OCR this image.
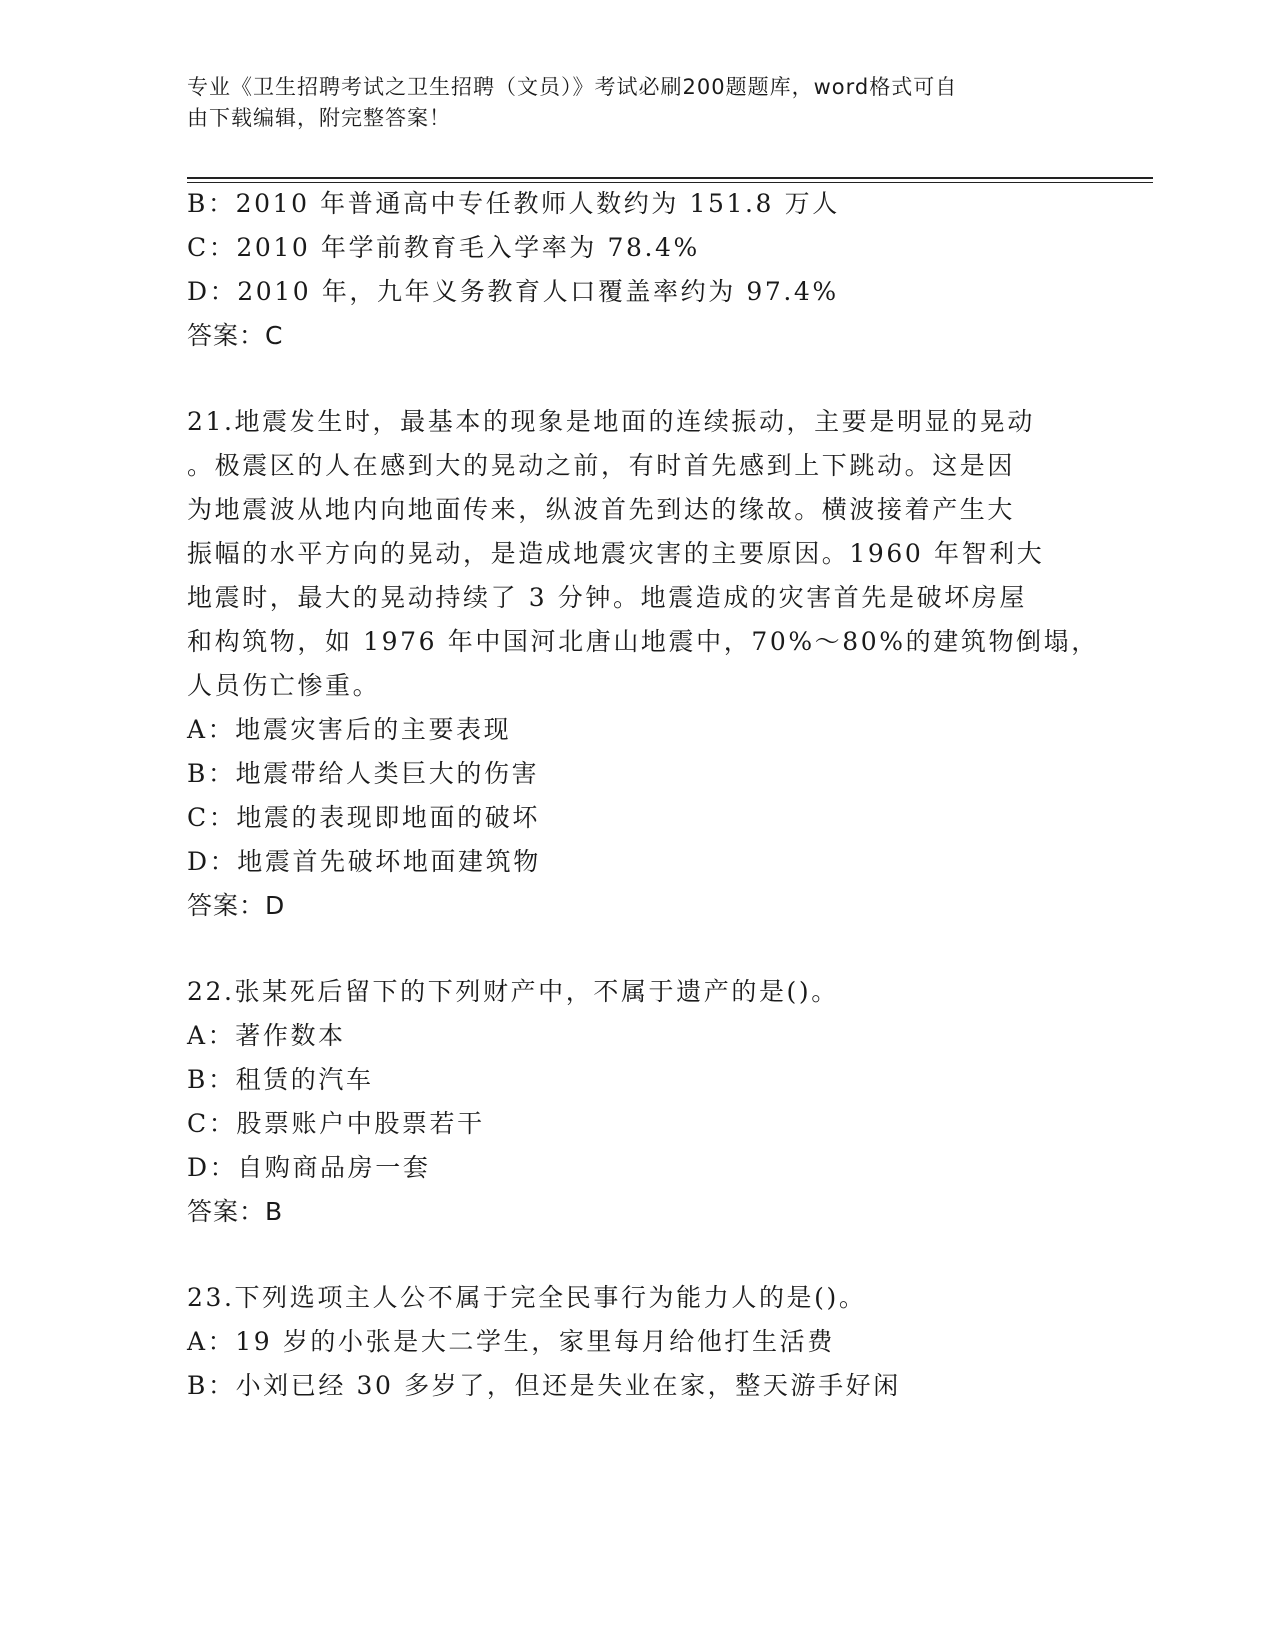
专业《卫生招聘考试之卫生招聘（文员）》考试必刷200题题库，word格式可自
由下载编辑，附完整答案！
B：2010 年普通高中专任教师人数约为 151.8 万人
C：2010 年学前教育毛入学率为 78.4%
D：2010 年，九年义务教育人口覆盖率约为 97.4%
答案：C
21.地震发生时，最基本的现象是地面的连续振动，主要是明显的晃动
。极震区的人在感到大的晃动之前，有时首先感到上下跳动。这是因
为地震波从地内向地面传来，纵波首先到达的缘故。横波接着产生大
振幅的水平方向的晃动，是造成地震灾害的主要原因。1960 年智利大
地震时，最大的晃动持续了 3 分钟。地震造成的灾害首先是破坏房屋
和构筑物，如 1976 年中国河北唐山地震中，70%～80%的建筑物倒塌，
人员伤亡惨重。
A：地震灾害后的主要表现
B：地震带给人类巨大的伤害
C：地震的表现即地面的破坏
D：地震首先破坏地面建筑物
答案：D
22.张某死后留下的下列财产中，不属于遗产的是()。
A：著作数本
B：租赁的汽车
C：股票账户中股票若干
D：自购商品房一套
答案：B
23.下列选项主人公不属于完全民事行为能力人的是()。
A：19 岁的小张是大二学生，家里每月给他打生活费
B：小刘已经 30 多岁了，但还是失业在家，整天游手好闲
